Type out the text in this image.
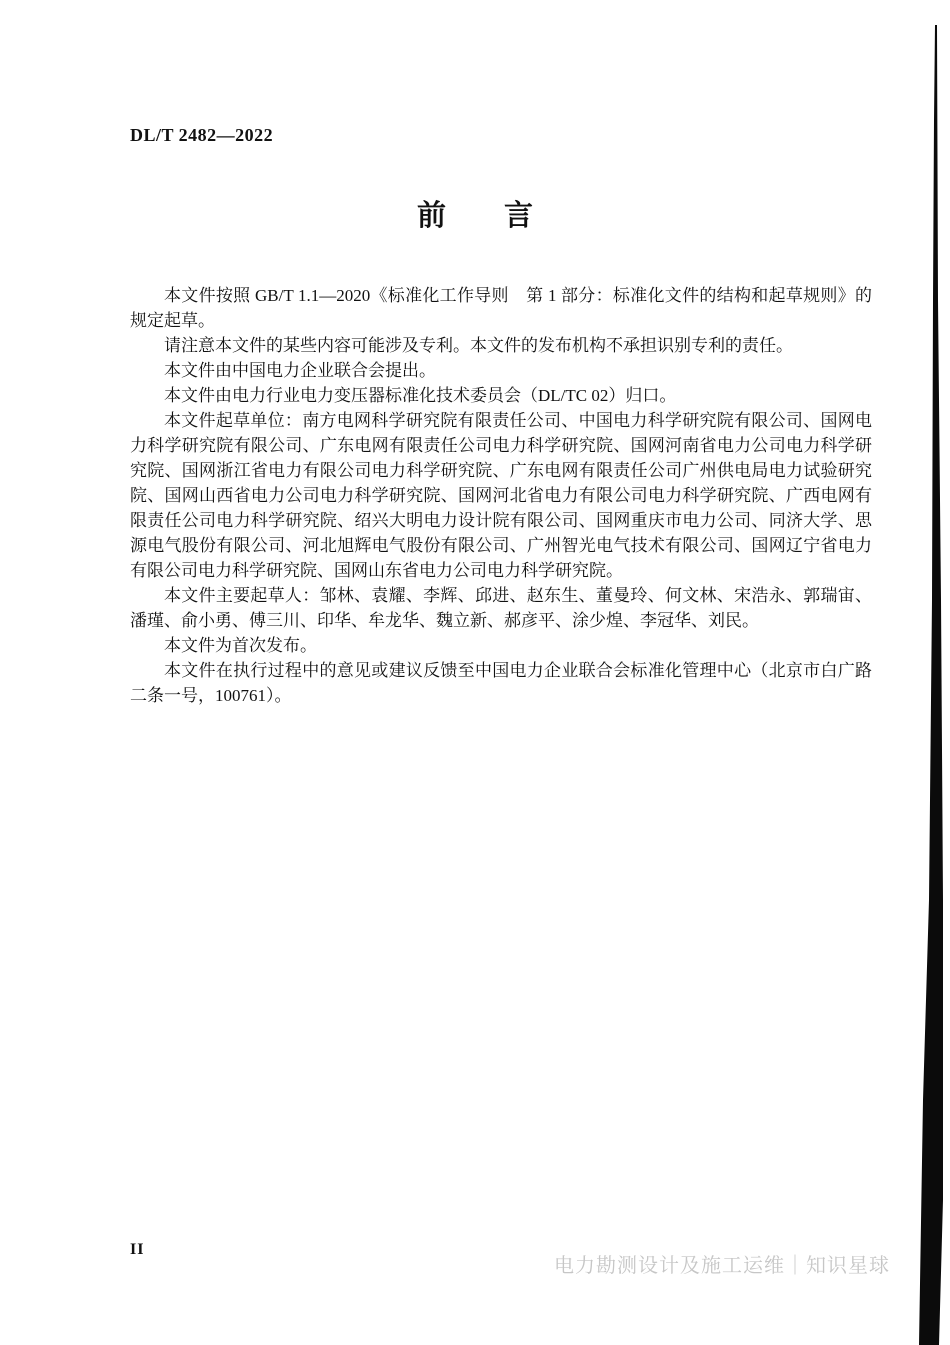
DL/T 2482—2022
前　　言

本文件按照 GB/T 1.1—2020《标准化工作导则　第 1 部分：标准化文件的结构和起草规则》的规定起草。

请注意本文件的某些内容可能涉及专利。本文件的发布机构不承担识别专利的责任。

本文件由中国电力企业联合会提出。

本文件由电力行业电力变压器标准化技术委员会（DL/TC 02）归口。

本文件起草单位：南方电网科学研究院有限责任公司、中国电力科学研究院有限公司、国网电力科学研究院有限公司、广东电网有限责任公司电力科学研究院、国网河南省电力公司电力科学研究院、国网浙江省电力有限公司电力科学研究院、广东电网有限责任公司广州供电局电力试验研究院、国网山西省电力公司电力科学研究院、国网河北省电力有限公司电力科学研究院、广西电网有限责任公司电力科学研究院、绍兴大明电力设计院有限公司、国网重庆市电力公司、同济大学、思源电气股份有限公司、河北旭辉电气股份有限公司、广州智光电气技术有限公司、国网辽宁省电力有限公司电力科学研究院、国网山东省电力公司电力科学研究院。

本文件主要起草人：邹林、袁耀、李辉、邱进、赵东生、董曼玲、何文林、宋浩永、郭瑞宙、潘瑾、俞小勇、傅三川、印华、牟龙华、魏立新、郝彦平、涂少煌、李冠华、刘民。

本文件为首次发布。

本文件在执行过程中的意见或建议反馈至中国电力企业联合会标准化管理中心（北京市白广路二条一号，100761）。

II
电力勘测设计及施工运维｜知识星球
